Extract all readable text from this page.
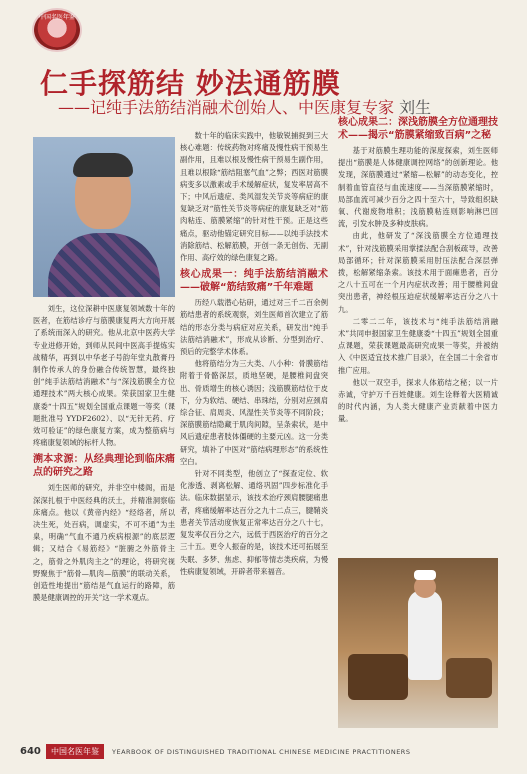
中国名医年鉴
仁手探筋结 妙法通筋膜
——记纯手法筋结消融术创始人、中医康复专家 刘生

刘生，这位深耕中医康复领域数十年的医者，在筋结诊疗与筋膜康复两大方向开展了系统而深入的研究。他从北京中医药大学专业进修开始，到师从民间中医高手提炼实战精华，再到以中华老子号韵年堂丸散膏丹制作传承人的身份融合传统智慧，最终独创“纯手法筋结消融术”与“深浅筋膜全方位通理技术”两大核心成果。荣获国家卫生健康委“十四五”规划全国重点课题一等奖（课题批准号 YYDF2602）、以“无针无药、疗效可验证”的绿色康复方案，成为整筋病与疼痛康复领域的标杆人物。

溯本求源：从经典理论到临床痛点的研究之路

刘生医师的研究，并非空中楼阁，而是深深扎根于中医经典的沃土，并精准洞察临床痛点。他以《黄帝内经》“经络者，所以决生死，处百病，调虚实，不可不通”为圭臬，明确“气血不通乃疾病根源”的底层逻辑；又结合《易筋经》“脏腑之外筋骨主之，筋骨之外肌肉主之”的理论，将研究视野聚焦于“筋骨—肌肉—筋膜”的联动关系，创造性地提出“筋结是气血运行的路障，筋膜是健康调控的开关”这一学术观点。

数十年的临床实践中，他敏锐捕捉到三大核心难题：传统药物对疼痛及慢性病干预易生副作用，且难以根及慢性病干预易生副作用，且难以根除“筋结阻塞气血”之弊；西医对筋膜病变多以激素或手术缓解症状，复发率居高不下；中风后遗症、类风湿发关节炎等病症的康复缺乏对“筋性关节炎等病症的康复缺乏对“筋肉粘连、筋膜紧缩”的针对性干预。正是这些痛点，驱动他锚定研究目标——以纯手法技术消除筋结、松解筋膜，开创一条无创伤、无副作用、高疗效的绿色康复之路。

核心成果一：纯手法筋结消融术——破解“筋结致痛”千年难题

历经八载潜心钻研，通过对三千二百余例筋结患者的系统观察，刘生医师首次建立了筋结的形态分类与病症对应关系，研发出“纯手法筋结消融术”，形成从诊断、分型到治疗、预后的完整学术体系。

他将筋结分为三大类、八小种：骨膜筋结附着于骨骼深层，质地坚硬，是腰椎间盘突出、骨质增生的核心诱因；浅筋膜筋结位于皮下，分为软结、硬结、串珠结，分别对应颈肩综合征、肩周炎、风湿性关节炎等不同阶段；深筋膜筋结隐藏于肌肉间隙，呈条索状，是中风后遗症患者肢体僵硬的主要元凶。这一分类研究，填补了中医对“筋结病理形态”的系统性空白。

针对不同类型，他创立了“探查定位、软化渗透、剥离松解、通络巩固”四步标准化手法。临床数据显示，该技术治疗颈肩腰腿痛患者，疼痛缓解率达百分之九十二点三，腱鞘炎患者关节活动度恢复正常率达百分之八十七，复发率仅百分之六，远低于西医治疗的百分之三十五。更令人振奋的是，该技术还可拓展至失眠、多梦、焦虑、抑郁等情志类疾病，为慢性病康复领域，开辟者带来福音。

核心成果二：深浅筋膜全方位通理技术——揭示“筋膜紧缩致百病”之秘

基于对筋膜生理功能的深度探索，刘生医师提出“筋膜是人体健康调控网络”的创新理论。他发现，深筋膜通过“紧缩—松解”的动态变化，控制着血管直径与血流速度——当深筋膜紧缩时，局部血流可减少百分之四十至六十，导致组织缺氧、代谢废物堆积；浅筋膜粘连则影响淋巴回流，引发水肿及多种皮肤病。

由此，他研发了“深浅筋膜全方位通理技术”，针对浅筋膜采用掌揉法配合刮板疏导，改善局部循环；针对深筋膜采用肘压法配合深层弹拨，松解紧缩条索。该技术用于面瘫患者，百分之八十五可在一个月内症状改善；用于腰椎间盘突出患者，神经根压迫症状缓解率达百分之八十九。

二零二二年，该技术与“纯手法筋结消融术”共同申报国家卫生健康委“十四五”规划全国重点课题，荣获课题最高研究成果一等奖，并被纳入《中医适宜技术推广目录》，在全国二十余省市推广应用。

他以一双空手，探求人体筋结之秘；以一片赤诚，守护万千百姓健康。刘生诠释着大医精诚的时代内涵，为人类大健康产业贡献着中医力量。

640	中国名医年鉴	YEARBOOK OF DISTINGUISHED TRADITIONAL CHINESE MEDICINE PRACTITIONERS
